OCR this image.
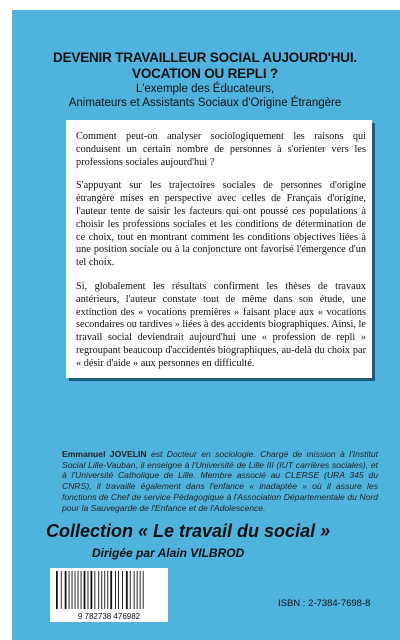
DEVENIR TRAVAILLEUR SOCIAL AUJOURD'HUI.
VOCATION OU REPLI ?
L'exemple des Éducateurs,
Animateurs et Assistants Sociaux d'Origine Étrangère

Comment peut-on analyser sociologiquement les raisons qui conduisent un certain nombre de personnes à s'orienter vers les professions sociales aujourd'hui ?

S'appuyant sur les trajectoires sociales de personnes d'origine étrangère mises en perspective avec celles de Français d'origine, l'auteur tente de saisir les facteurs qui ont poussé ces populations à choisir les professions sociales et les conditions de détermination de ce choix, tout en montrant comment les conditions objectives liées à une position sociale ou à la conjoncture ont favorisé l'émergence d'un tel choix.

Si, globalement les résultats confirment les thèses de travaux antérieurs, l'auteur constate tout de même dans son étude, une extinction des « vocations premières » faisant place aux « vocations secondaires ou tardives » liées à des accidents biographiques. Ainsi, le travail social deviendrait aujourd'hui une « profession de repli » regroupant beaucoup d'accidentés biographiques, au-delà du choix par « désir d'aide » aux personnes en difficulté.

Emmanuel JOVELIN est Docteur en sociologie. Chargé de mission à l'Institut Social Lille-Vauban, il enseigne à l'Université de Lille III (IUT carrières sociales), et à l'Université Catholique de Lille. Membre associé au CLERSE (URA 345 du CNRS), il travaille également dans l'enfance « inadaptée » où il assure les fonctions de Chef de service Pédagogique à l'Association Départementale du Nord pour la Sauvegarde de l'Enfance et de l'Adolescence.
Collection « Le travail du social »
Dirigée par Alain VILBROD
9 782738 476982
ISBN : 2-7384-7698-8
